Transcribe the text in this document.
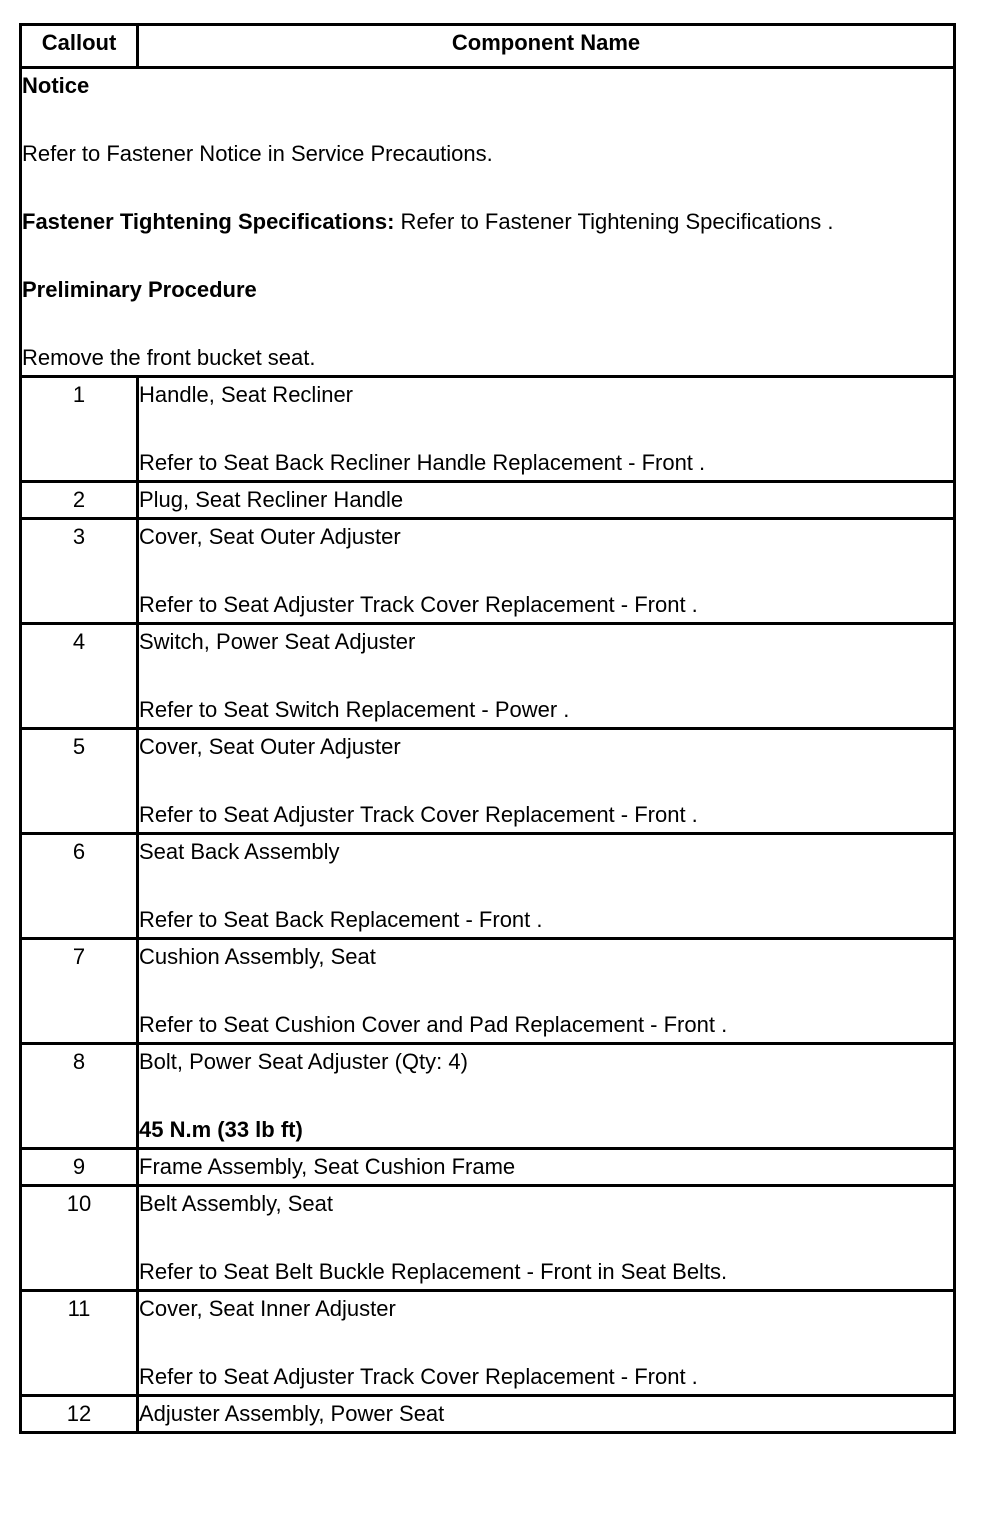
Callout	Component Name

Notice

Refer to Fastener Notice in Service Precautions.

Fastener Tightening Specifications: Refer to Fastener Tightening Specifications .

Preliminary Procedure

Remove the front bucket seat.	

1	Handle, Seat Recliner

Refer to Seat Back Recliner Handle Replacement - Front .

2	Plug, Seat Recliner Handle

3	Cover, Seat Outer Adjuster

Refer to Seat Adjuster Track Cover Replacement - Front .

4	Switch, Power Seat Adjuster

Refer to Seat Switch Replacement - Power .

5	Cover, Seat Outer Adjuster

Refer to Seat Adjuster Track Cover Replacement - Front .

6	Seat Back Assembly

Refer to Seat Back Replacement - Front .

7	Cushion Assembly, Seat

Refer to Seat Cushion Cover and Pad Replacement - Front .

8	Bolt, Power Seat Adjuster (Qty: 4)

45 N.m (33 lb ft)

9	Frame Assembly, Seat Cushion Frame

10	Belt Assembly, Seat

Refer to Seat Belt Buckle Replacement - Front in Seat Belts.

11	Cover, Seat Inner Adjuster

Refer to Seat Adjuster Track Cover Replacement - Front .

12	Adjuster Assembly, Power Seat
